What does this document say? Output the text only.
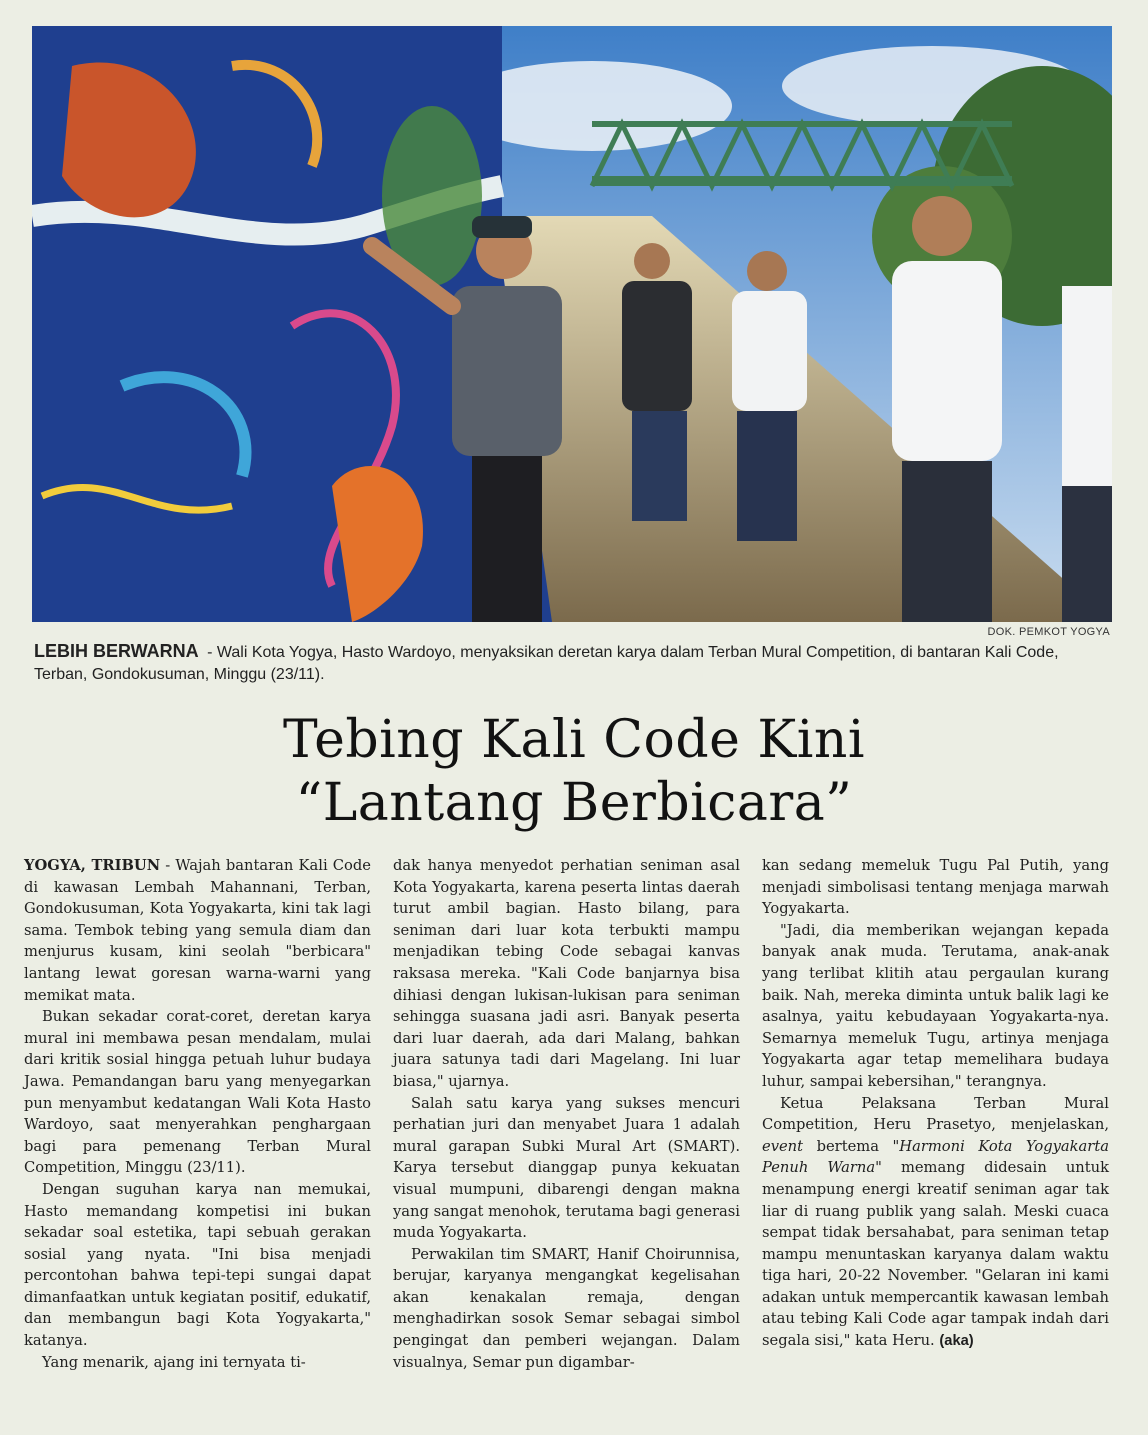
DOK. PEMKOT YOGYA
LEBIH BERWARNA - Wali Kota Yogya, Hasto Wardoyo, menyaksikan deretan karya dalam Terban Mural Competition, di bantaran Kali Code, Terban, Gondokusuman, Minggu (23/11).
Tebing Kali Code Kini
“Lantang Berbicara”

YOGYA, TRIBUN - Wajah bantaran Kali Code di kawasan Lembah Mahannani, Terban, Gondokusuman, Kota Yogyakarta, kini tak lagi sama. Tembok tebing yang semula diam dan menjurus kusam, kini seolah "berbicara" lantang lewat goresan warna-warni yang memikat mata.

Bukan sekadar corat-coret, deretan karya mural ini membawa pesan mendalam, mulai dari kritik sosial hingga petuah luhur budaya Jawa. Pemandangan baru yang menyegarkan pun menyambut kedatangan Wali Kota Hasto Wardoyo, saat menyerahkan penghargaan bagi para pemenang Terban Mural Competition, Minggu (23/11).

Dengan suguhan karya nan memukai, Hasto memandang kompetisi ini bukan sekadar soal estetika, tapi sebuah gerakan sosial yang nyata. "Ini bisa menjadi percontohan bahwa tepi-tepi sungai dapat dimanfaatkan untuk kegiatan positif, edukatif, dan membangun bagi Kota Yogyakarta," katanya.

Yang menarik, ajang ini ternyata ti-

dak hanya menyedot perhatian seniman asal Kota Yogyakarta, karena peserta lintas daerah turut ambil bagian. Hasto bilang, para seniman dari luar kota terbukti mampu menjadikan tebing Code sebagai kanvas raksasa mereka. "Kali Code banjarnya bisa dihiasi dengan lukisan-lukisan para seniman sehingga suasana jadi asri. Banyak peserta dari luar daerah, ada dari Malang, bahkan juara satunya tadi dari Magelang. Ini luar biasa," ujarnya.

Salah satu karya yang sukses mencuri perhatian juri dan menyabet Juara 1 adalah mural garapan Subki Mural Art (SMART). Karya tersebut dianggap punya kekuatan visual mumpuni, dibarengi dengan makna yang sangat menohok, terutama bagi generasi muda Yogyakarta.

Perwakilan tim SMART, Hanif Choirunnisa, berujar, karyanya mengangkat kegelisahan akan kenakalan remaja, dengan menghadirkan sosok Semar sebagai simbol pengingat dan pemberi wejangan. Dalam visualnya, Semar pun digambar-

kan sedang memeluk Tugu Pal Putih, yang menjadi simbolisasi tentang menjaga marwah Yogyakarta.

"Jadi, dia memberikan wejangan kepada banyak anak muda. Terutama, anak-anak yang terlibat klitih atau pergaulan kurang baik. Nah, mereka diminta untuk balik lagi ke asalnya, yaitu kebudayaan Yogyakarta-nya. Semarnya memeluk Tugu, artinya menjaga Yogyakarta agar tetap memelihara budaya luhur, sampai kebersihan," terangnya.

Ketua Pelaksana Terban Mural Competition, Heru Prasetyo, menjelaskan, event bertema "Harmoni Kota Yogyakarta Penuh Warna" memang didesain untuk menampung energi kreatif seniman agar tak liar di ruang publik yang salah. Meski cuaca sempat tidak bersahabat, para seniman tetap mampu menuntaskan karyanya dalam waktu tiga hari, 20-22 November. "Gelaran ini kami adakan untuk mempercantik kawasan lembah atau tebing Kali Code agar tampak indah dari segala sisi," kata Heru. (aka)
